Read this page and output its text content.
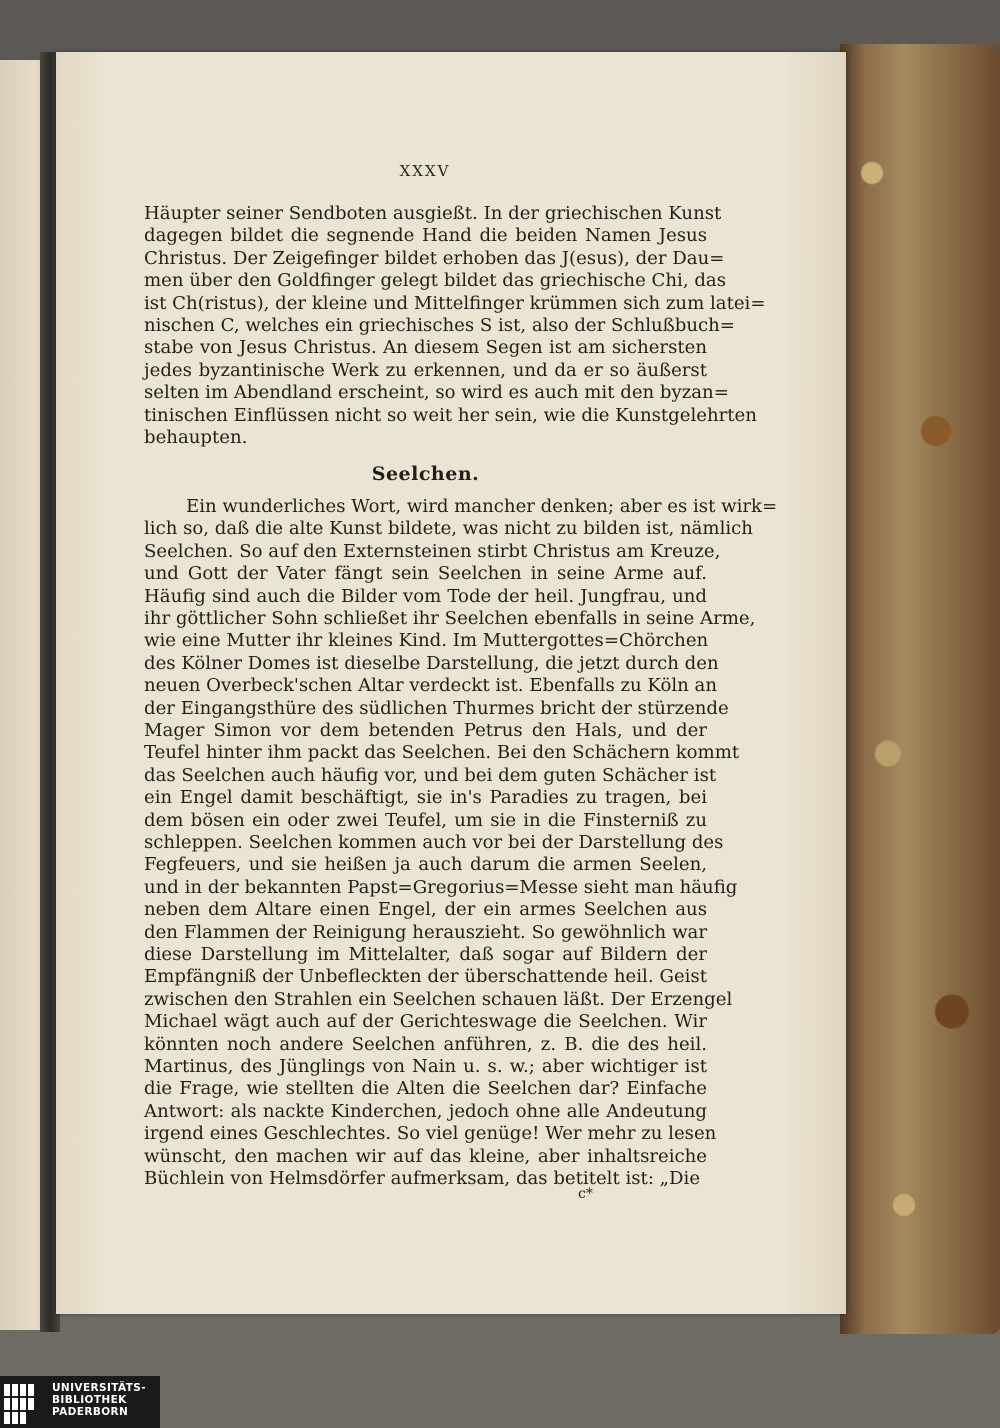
XXXV
Häupter seiner Sendboten ausgießt. In der griechischen Kunst
dagegen bildet die segnende Hand die beiden Namen Jesus
Christus. Der Zeigefinger bildet erhoben das J(esus), der Dau=
men über den Goldfinger gelegt bildet das griechische Chi, das
ist Ch(ristus), der kleine und Mittelfinger krümmen sich zum latei=
nischen C, welches ein griechisches S ist, also der Schlußbuch=
stabe von Jesus Christus. An diesem Segen ist am sichersten
jedes byzantinische Werk zu erkennen, und da er so äußerst
selten im Abendland erscheint, so wird es auch mit den byzan=
tinischen Einflüssen nicht so weit her sein, wie die Kunstgelehrten
behaupten.
Seelchen.
Ein wunderliches Wort, wird mancher denken; aber es ist wirk=
lich so, daß die alte Kunst bildete, was nicht zu bilden ist, nämlich
Seelchen. So auf den Externsteinen stirbt Christus am Kreuze,
und Gott der Vater fängt sein Seelchen in seine Arme auf.
Häufig sind auch die Bilder vom Tode der heil. Jungfrau, und
ihr göttlicher Sohn schließet ihr Seelchen ebenfalls in seine Arme,
wie eine Mutter ihr kleines Kind. Im Muttergottes=Chörchen
des Kölner Domes ist dieselbe Darstellung, die jetzt durch den
neuen Overbeck'schen Altar verdeckt ist. Ebenfalls zu Köln an
der Eingangsthüre des südlichen Thurmes bricht der stürzende
Mager Simon vor dem betenden Petrus den Hals, und der
Teufel hinter ihm packt das Seelchen. Bei den Schächern kommt
das Seelchen auch häufig vor, und bei dem guten Schächer ist
ein Engel damit beschäftigt, sie in's Paradies zu tragen, bei
dem bösen ein oder zwei Teufel, um sie in die Finsterniß zu
schleppen. Seelchen kommen auch vor bei der Darstellung des
Fegfeuers, und sie heißen ja auch darum die armen Seelen,
und in der bekannten Papst=Gregorius=Messe sieht man häufig
neben dem Altare einen Engel, der ein armes Seelchen aus
den Flammen der Reinigung herauszieht. So gewöhnlich war
diese Darstellung im Mittelalter, daß sogar auf Bildern der
Empfängniß der Unbefleckten der überschattende heil. Geist
zwischen den Strahlen ein Seelchen schauen läßt. Der Erzengel
Michael wägt auch auf der Gerichteswage die Seelchen. Wir
könnten noch andere Seelchen anführen, z. B. die des heil.
Martinus, des Jünglings von Nain u. s. w.; aber wichtiger ist
die Frage, wie stellten die Alten die Seelchen dar? Einfache
Antwort: als nackte Kinderchen, jedoch ohne alle Andeutung
irgend eines Geschlechtes. So viel genüge! Wer mehr zu lesen
wünscht, den machen wir auf das kleine, aber inhaltsreiche
Büchlein von Helmsdörfer aufmerksam, das betitelt ist: „Die
c*
UNIVERSITÄTS-
BIBLIOTHEK
PADERBORN
